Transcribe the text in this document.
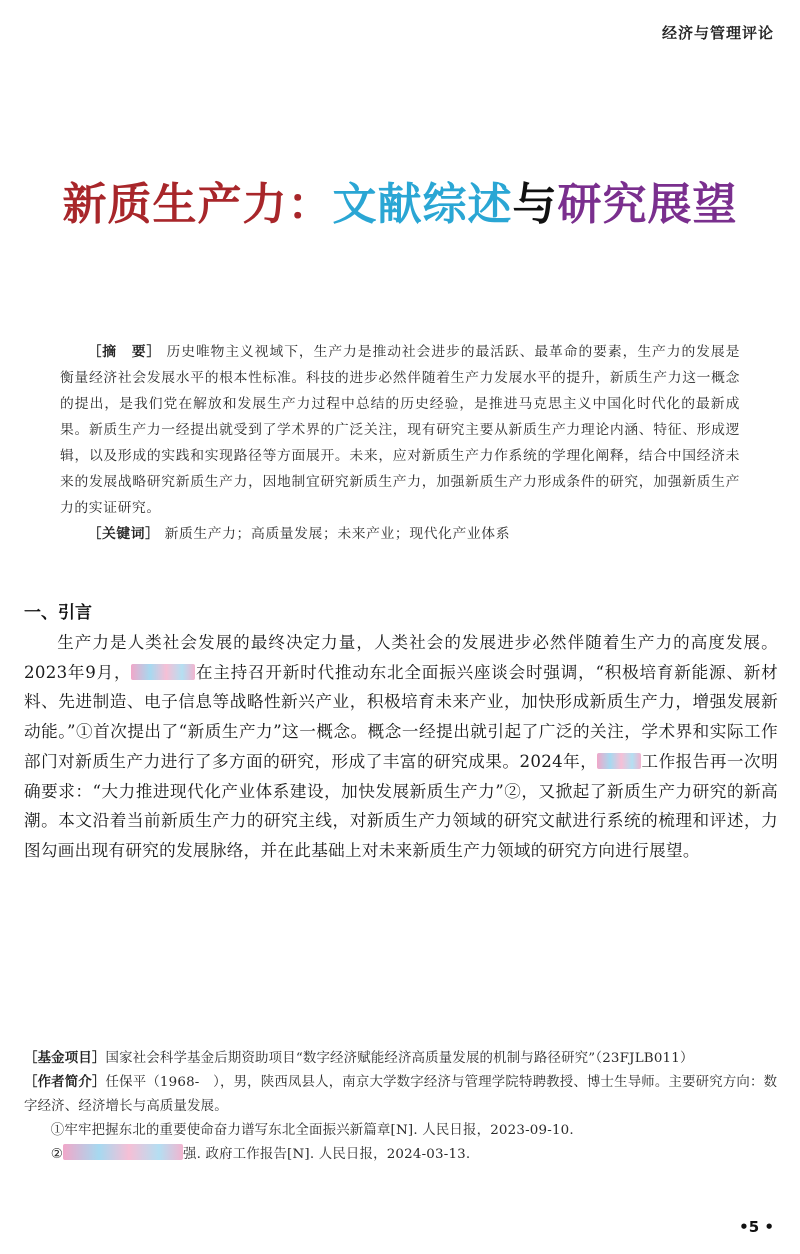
经济与管理评论
新质生产力：文献综述与研究展望

［摘　要］ 历史唯物主义视域下，生产力是推动社会进步的最活跃、最革命的要素，生产力的发展是衡量经济社会发展水平的根本性标准。科技的进步必然伴随着生产力发展水平的提升，新质生产力这一概念的提出，是我们党在解放和发展生产力过程中总结的历史经验，是推进马克思主义中国化时代化的最新成果。新质生产力一经提出就受到了学术界的广泛关注，现有研究主要从新质生产力理论内涵、特征、形成逻辑，以及形成的实践和实现路径等方面展开。未来，应对新质生产力作系统的学理化阐释，结合中国经济未来的发展战略研究新质生产力，因地制宜研究新质生产力，加强新质生产力形成条件的研究，加强新质生产力的实证研究。

［关键词］ 新质生产力；高质量发展；未来产业；现代化产业体系

一、引言

生产力是人类社会发展的最终决定力量，人类社会的发展进步必然伴随着生产力的高度发展。2023年9月，	在主持召开新时代推动东北全面振兴座谈会时强调，“积极培育新能源、新材料、先进制造、电子信息等战略性新兴产业，积极培育未来产业，加快形成新质生产力，增强发展新动能。”①首次提出了“新质生产力”这一概念。概念一经提出就引起了广泛的关注，学术界和实际工作部门对新质生产力进行了多方面的研究，形成了丰富的研究成果。2024年，	工作报告再一次明确要求：“大力推进现代化产业体系建设，加快发展新质生产力”②，又掀起了新质生产力研究的新高潮。本文沿着当前新质生产力的研究主线，对新质生产力领域的研究文献进行系统的梳理和评述，力图勾画出现有研究的发展脉络，并在此基础上对未来新质生产力领域的研究方向进行展望。

［基金项目］国家社会科学基金后期资助项目“数字经济赋能经济高质量发展的机制与路径研究”（23FJLB011）

［作者简介］任保平（1968-　），男，陕西凤县人，南京大学数字经济与管理学院特聘教授、博士生导师。主要研究方向：数字经济、经济增长与高质量发展。

①牢牢把握东北的重要使命奋力谱写东北全面振兴新篇章[N]. 人民日报，2023-09-10.

②	强. 政府工作报告[N]. 人民日报，2024-03-13.

•5 •
